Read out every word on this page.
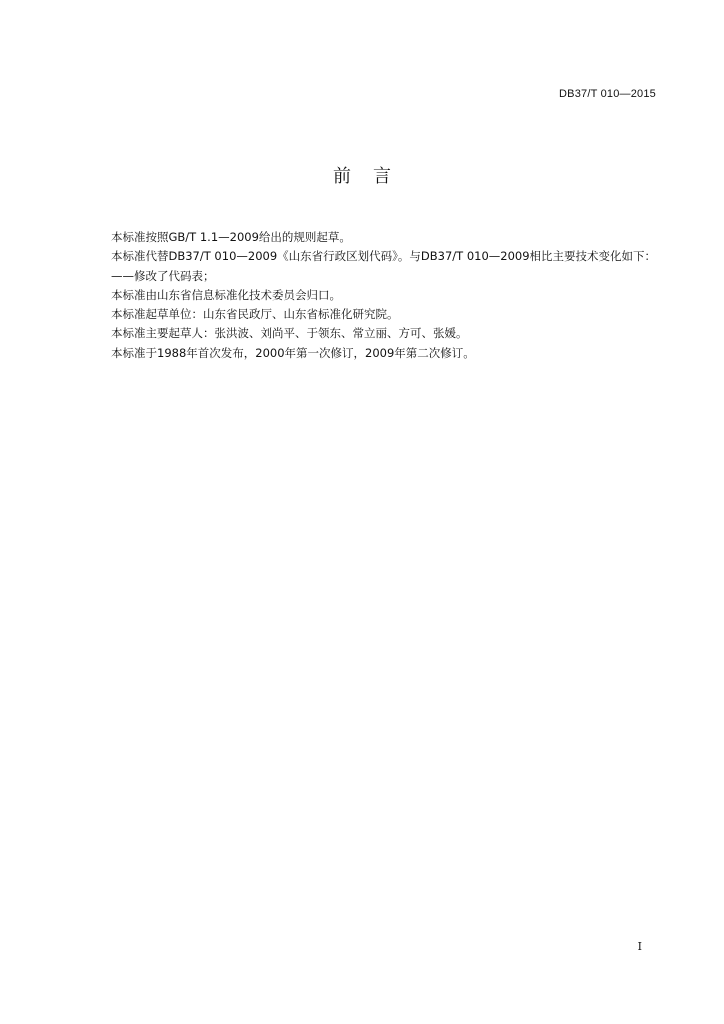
DB37/T 010—2015
前 言

本标准按照GB/T 1.1—2009给出的规则起草。

本标准代替DB37/T 010—2009《山东省行政区划代码》。与DB37/T 010—2009相比主要技术变化如下：

——修改了代码表；

本标准由山东省信息标准化技术委员会归口。

本标准起草单位：山东省民政厅、山东省标准化研究院。

本标准主要起草人：张洪波、刘尚平、于领东、常立丽、方可、张媛。

本标准于1988年首次发布，2000年第一次修订，2009年第二次修订。

I
